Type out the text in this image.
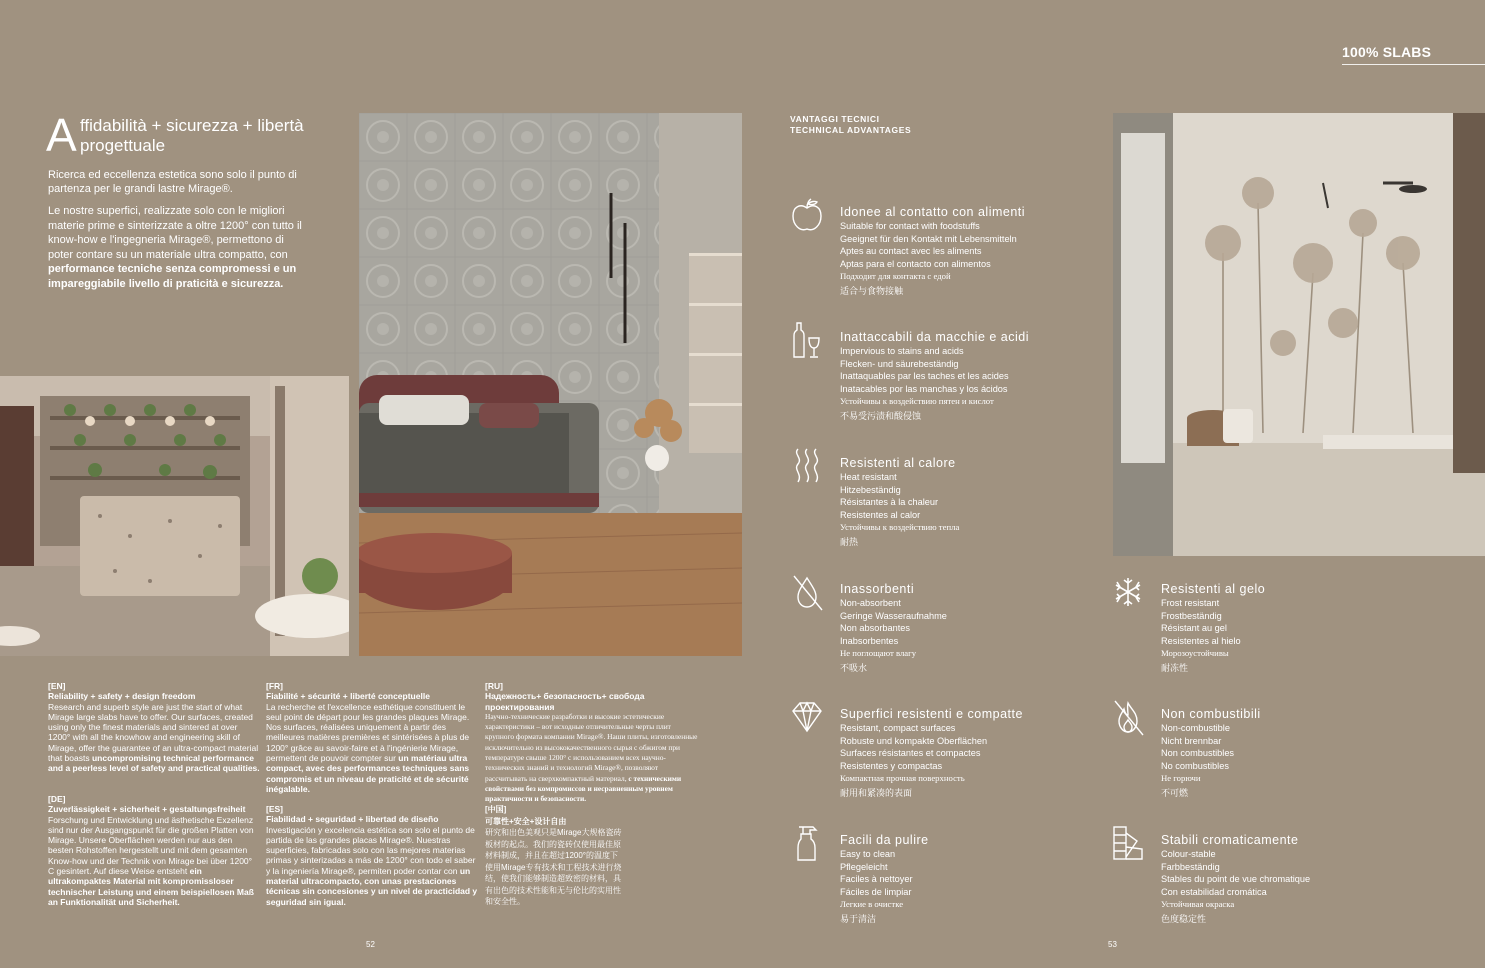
100% SLABS
A ffidabilità + sicurezza + libertà progettuale
Ricerca ed eccellenza estetica sono solo il punto di partenza per le grandi lastre Mirage®.
Le nostre superfici, realizzate solo con le migliori materie prime e sinterizzate a oltre 1200° con tutto il know-how e l'ingegneria Mirage®, permettono di poter contare su un materiale ultra compatto, con performance tecniche senza compromessi e un impareggiabile livello di praticità e sicurezza.
[EN]
Reliability + safety + design freedom
Research and superb style are just the start of what Mirage large slabs have to offer. Our surfaces, created using only the finest materials and sintered at over 1200° with all the knowhow and engineering skill of Mirage, offer the guarantee of an ultra-compact material that boasts uncompromising technical performance and a peerless level of safety and practical qualities.
[DE]
Zuverlässigkeit + sicherheit + gestaltungsfreiheit
Forschung und Entwicklung und ästhetische Exzellenz sind nur der Ausgangspunkt für die großen Platten von Mirage. Unsere Oberflächen werden nur aus den besten Rohstoffen hergestellt und mit dem gesamten Know-how und der Technik von Mirage bei über 1200° C gesintert. Auf diese Weise entsteht ein ultrakompaktes Material mit kompromissloser technischer Leistung und einem beispiellosen Maß an Funktionalität und Sicherheit.
[FR]
Fiabilité + sécurité + liberté conceptuelle
La recherche et l'excellence esthétique constituent le seul point de départ pour les grandes plaques Mirage. Nos surfaces, réalisées uniquement à partir des meilleures matières premières et sintérisées à plus de 1200° grâce au savoir-faire et à l'ingénierie Mirage, permettent de pouvoir compter sur un matériau ultra compact, avec des performances techniques sans compromis et un niveau de praticité et de sécurité inégalable.
[ES]
Fiabilidad + seguridad + libertad de diseño
Investigación y excelencia estética son solo el punto de partida de las grandes placas Mirage®. Nuestras superficies, fabricadas solo con las mejores materias primas y sinterizadas a más de 1200° con todo el saber y la ingeniería Mirage®, permiten poder contar con un material ultracompacto, con unas prestaciones técnicas sin concesiones y un nivel de practicidad y seguridad sin igual.
[RU]
Надежность+ безопасность+ свобода проектирования
Научно-технические разработки и высокие эстетические характеристики – вот исходные отличительные черты плит крупного формата компании Mirage®. Наши плиты, изготовленные исключительно из высококачественного сырья с обжигом при температуре свыше 1200° с использованием всех научно-технических знаний и технологий Mirage®, позволяют рассчитывать на сверхкомпактный материал, с техническими свойствами без компромиссов и несравненным уровнем практичности и безопасности.
[中国]
可靠性+安全+设计自由
研究和出色美观只是Mirage大规格瓷砖板材的起点。我们的瓷砖仅使用最佳原材料制成，并且在超过1200°的温度下使用Mirage专有技术和工程技术进行烧结，使我们能够制造超致密的材料，具有出色的技术性能和无与伦比的实用性和安全性。
52	53
VANTAGGI TECNICI
TECHNICAL ADVANTAGES
Idonee al contatto con alimenti
Suitable for contact with foodstuffs
Geeignet für den Kontakt mit Lebensmitteln
Aptes au contact avec les aliments
Aptas para el contacto con alimentos
Подходит для контакта с едой
适合与食物接触
Inattaccabili da macchie e acidi
Impervious to stains and acids
Flecken- und säurebeständig
Inattaquables par les taches et les acides
Inatacables por las manchas y los ácidos
Устойчивы к воздействию пятен и кислот
不易受污渍和酸侵蚀
Resistenti al calore
Heat resistant
Hitzebeständig
Résistantes à la chaleur
Resistentes al calor
Устойчивы к воздействию тепла
耐热
Inassorbenti
Non-absorbent
Geringe Wasseraufnahme
Non absorbantes
Inabsorbentes
Не поглощают влагу
不吸水
Resistenti al gelo
Frost resistant
Frostbeständig
Résistant au gel
Resistentes al hielo
Морозоустойчивы
耐冻性
Superfici resistenti e compatte
Resistant, compact surfaces
Robuste und kompakte Oberflächen
Surfaces résistantes et compactes
Resistentes y compactas
Компактная прочная поверхность
耐用和紧凑的表面
Non combustibili
Non-combustible
Nicht brennbar
Non combustibles
No combustibles
Не горючи
不可燃
Facili da pulire
Easy to clean
Pflegeleicht
Faciles à nettoyer
Fáciles de limpiar
Легкие в очистке
易于清洁
Stabili cromaticamente
Colour-stable
Farbbeständig
Stables du point de vue chromatique
Con estabilidad cromática
Устойчивая окраска
色度稳定性
